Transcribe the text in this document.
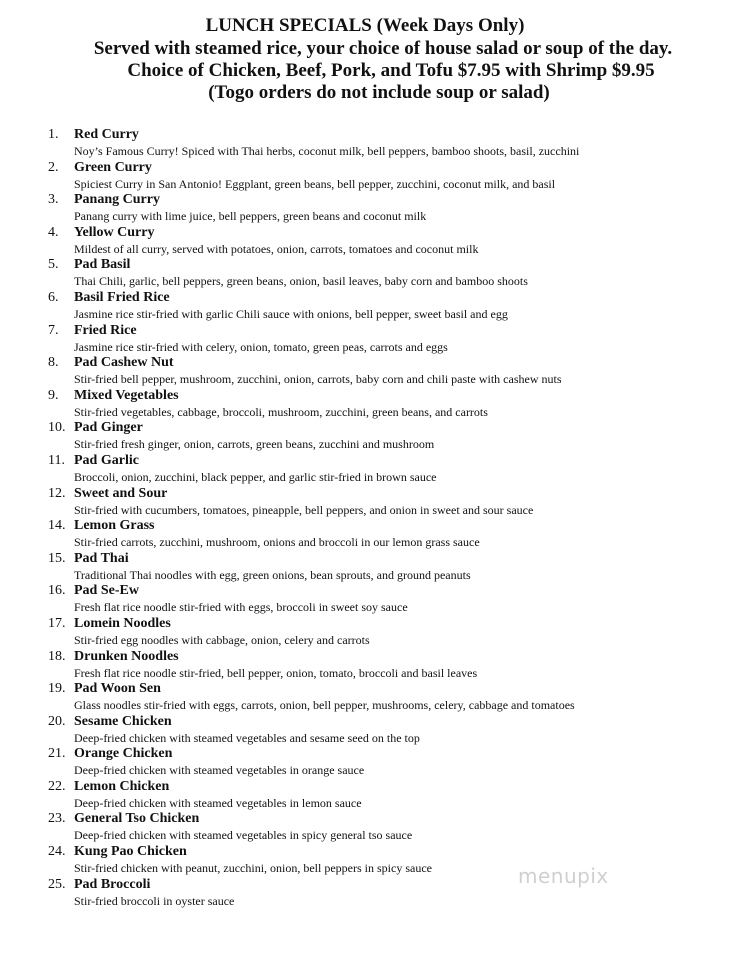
LUNCH SPECIALS (Week Days Only)
Served with steamed rice, your choice of house salad or soup of the day.
Choice of Chicken, Beef, Pork, and Tofu $7.95 with Shrimp $9.95
(Togo orders do not include soup or salad)
1.	Red Curry
Noy’s Famous Curry! Spiced with Thai herbs, coconut milk, bell peppers, bamboo shoots, basil, zucchini
2.	Green Curry
Spiciest Curry in San Antonio! Eggplant, green beans, bell pepper, zucchini, coconut milk, and basil
3.	Panang Curry
Panang curry with lime juice, bell peppers, green beans and coconut milk
4.	Yellow Curry
Mildest of all curry, served with potatoes, onion, carrots, tomatoes and coconut milk
5.	Pad Basil
Thai Chili, garlic, bell peppers, green beans, onion, basil leaves, baby corn and bamboo shoots
6.	Basil Fried Rice
Jasmine rice stir-fried with garlic Chili sauce with onions, bell pepper, sweet basil and egg
7.	Fried Rice
Jasmine rice stir-fried with celery, onion, tomato, green peas, carrots and eggs
8.	Pad Cashew Nut
Stir-fried bell pepper, mushroom, zucchini, onion, carrots, baby corn and chili paste with cashew nuts
9.	Mixed Vegetables
Stir-fried vegetables, cabbage, broccoli, mushroom, zucchini, green beans, and carrots
10. Pad Ginger
Stir-fried fresh ginger, onion, carrots, green beans, zucchini and mushroom
11. Pad Garlic
Broccoli, onion, zucchini, black pepper, and garlic stir-fried in brown sauce
12. Sweet and Sour
Stir-fried with cucumbers, tomatoes, pineapple, bell peppers, and onion in sweet and sour sauce
14. Lemon Grass
Stir-fried carrots, zucchini, mushroom, onions and broccoli in our lemon grass sauce
15. Pad Thai
Traditional Thai noodles with egg, green onions, bean sprouts, and ground peanuts
16. Pad Se-Ew
Fresh flat rice noodle stir-fried with eggs, broccoli in sweet soy sauce
17. Lomein Noodles
Stir-fried egg noodles with cabbage, onion, celery and carrots
18. Drunken Noodles
Fresh flat rice noodle stir-fried, bell pepper, onion, tomato, broccoli and basil leaves
19. Pad Woon Sen
Glass noodles stir-fried with eggs, carrots, onion, bell pepper, mushrooms, celery, cabbage and tomatoes
20. Sesame Chicken
Deep-fried chicken with steamed vegetables and sesame seed on the top
21. Orange Chicken
Deep-fried chicken with steamed vegetables in orange sauce
22. Lemon Chicken
Deep-fried chicken with steamed vegetables in lemon sauce
23. General Tso Chicken
Deep-fried chicken with steamed vegetables in spicy general tso sauce
24. Kung Pao Chicken
Stir-fried chicken with peanut, zucchini, onion, bell peppers in spicy sauce
25. Pad Broccoli
Stir-fried broccoli in oyster sauce
menupix
